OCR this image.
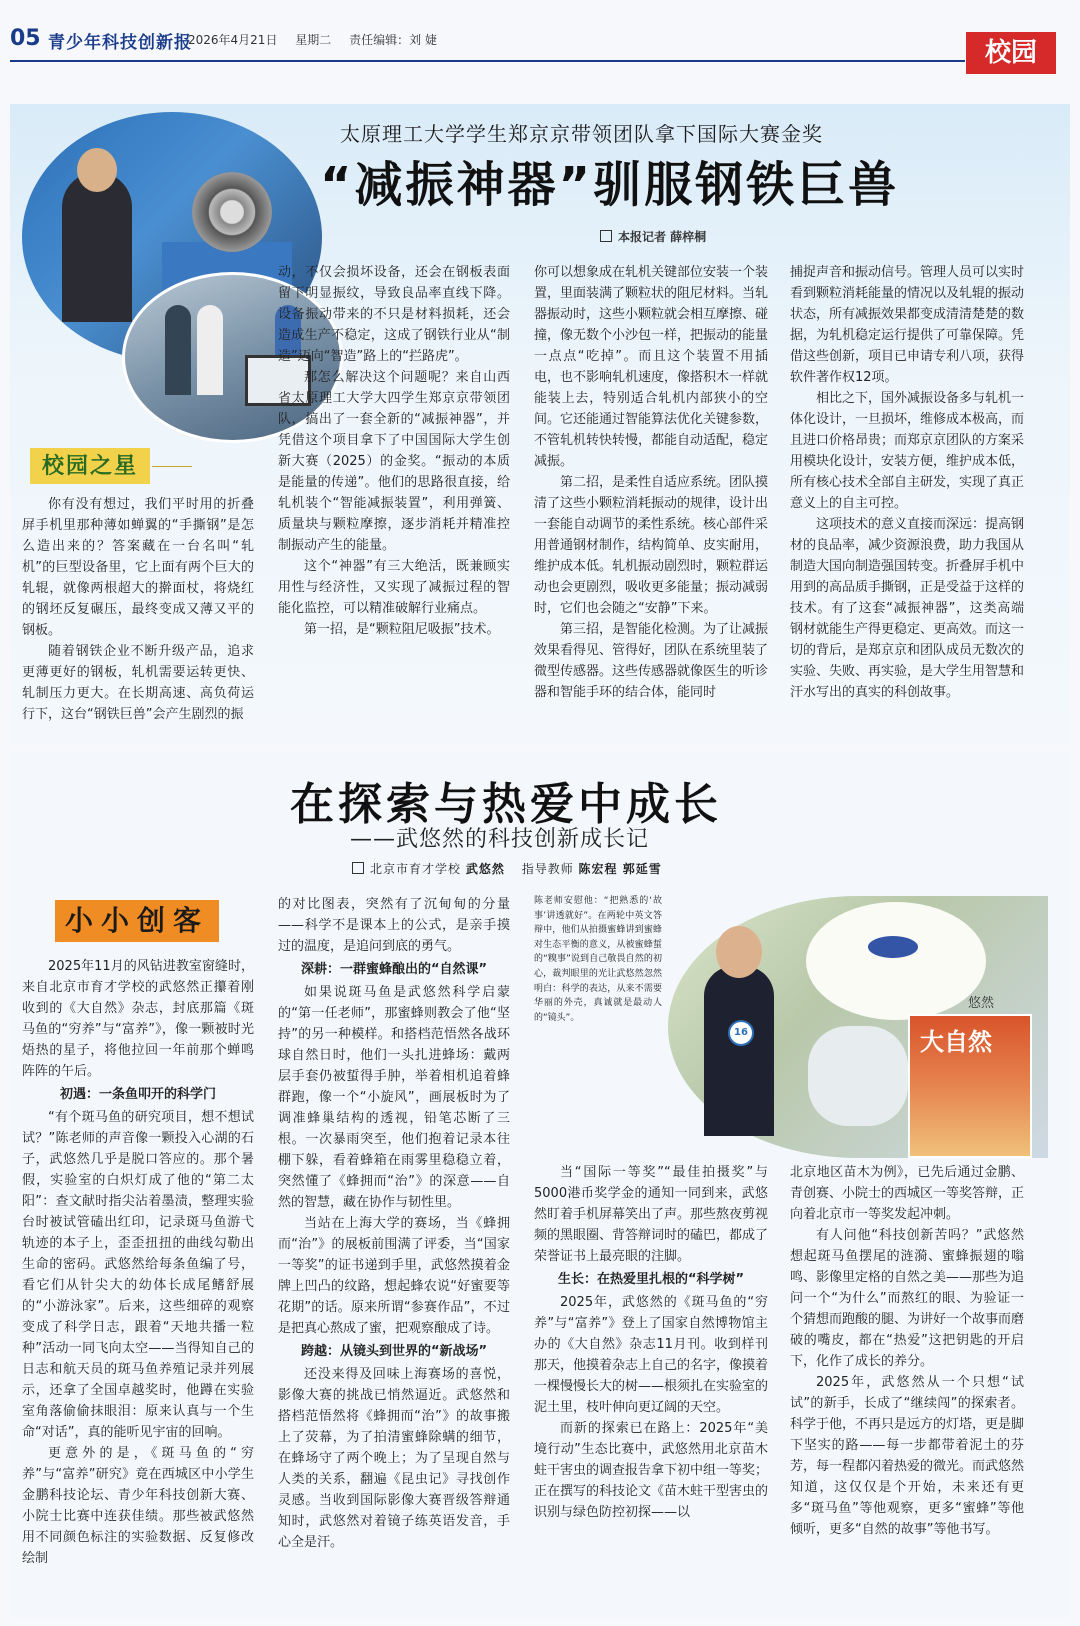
05 青少年科技创新报
2026年4月21日 星期二 责任编辑：刘 婕	校园
太原理工大学学生郑京京带领团队拿下国际大赛金奖
“减振神器”驯服钢铁巨兽
本报记者 薛梓桐
校园之星

你有没有想过，我们平时用的折叠屏手机里那种薄如蝉翼的“手撕钢”是怎么造出来的？答案藏在一台名叫“轧机”的巨型设备里，它上面有两个巨大的轧辊，就像两根超大的擀面杖，将烧红的钢坯反复碾压，最终变成又薄又平的钢板。

随着钢铁企业不断升级产品，追求更薄更好的钢板，轧机需要运转更快、轧制压力更大。在长期高速、高负荷运行下，这台“钢铁巨兽”会产生剧烈的振

动，不仅会损坏设备，还会在钢板表面留下明显振纹，导致良品率直线下降。设备振动带来的不只是材料损耗，还会造成生产不稳定，这成了钢铁行业从“制造”迈向“智造”路上的“拦路虎”。

那怎么解决这个问题呢？来自山西省太原理工大学大四学生郑京京带领团队，搞出了一套全新的“减振神器”，并凭借这个项目拿下了中国国际大学生创新大赛（2025）的金奖。“振动的本质是能量的传递”。他们的思路很直接，给轧机装个“智能减振装置”，利用弹簧、质量块与颗粒摩擦，逐步消耗并精准控制振动产生的能量。

这个“神器”有三大绝活，既兼顾实用性与经济性，又实现了减振过程的智能化监控，可以精准破解行业痛点。

第一招，是“颗粒阻尼吸振”技术。

你可以想象成在轧机关键部位安装一个装置，里面装满了颗粒状的阻尼材料。当轧器振动时，这些小颗粒就会相互摩擦、碰撞，像无数个小沙包一样，把振动的能量一点点“吃掉”。而且这个装置不用插电，也不影响轧机速度，像搭积木一样就能装上去，特别适合轧机内部狭小的空间。它还能通过智能算法优化关键参数，不管轧机转快转慢，都能自动适配，稳定减振。

第二招，是柔性自适应系统。团队摸清了这些小颗粒消耗振动的规律，设计出一套能自动调节的柔性系统。核心部件采用普通钢材制作，结构简单、皮实耐用，维护成本低。轧机振动剧烈时，颗粒群运动也会更剧烈，吸收更多能量；振动减弱时，它们也会随之“安静”下来。

第三招，是智能化检测。为了让减振效果看得见、管得好，团队在系统里装了微型传感器。这些传感器就像医生的听诊器和智能手环的结合体，能同时

捕捉声音和振动信号。管理人员可以实时看到颗粒消耗能量的情况以及轧辊的振动状态，所有减振效果都变成清清楚楚的数据，为轧机稳定运行提供了可靠保障。凭借这些创新，项目已申请专利八项，获得软件著作权12项。

相比之下，国外减振设备多与轧机一体化设计，一旦损坏，维修成本极高，而且进口价格昂贵；而郑京京团队的方案采用模块化设计，安装方便，维护成本低，所有核心技术全部自主研发，实现了真正意义上的自主可控。

这项技术的意义直接而深远：提高钢材的良品率，减少资源浪费，助力我国从制造大国向制造强国转变。折叠屏手机中用到的高品质手撕钢，正是受益于这样的技术。有了这套“减振神器”，这类高端钢材就能生产得更稳定、更高效。而这一切的背后，是郑京京和团队成员无数次的实验、失败、再实验，是大学生用智慧和汗水写出的真实的科创故事。

在探索与热爱中成长
——武悠然的科技创新成长记
北京市育才学校 武悠然 指导教师 陈宏程 郭延雪
小小创客
悠然
16	大自然

2025年11月的风钻进教室窗缝时，来自北京市育才学校的武悠然正攥着刚收到的《大自然》杂志，封底那篇《斑马鱼的“穷养”与“富养”》，像一颗被时光焐热的星子，将他拉回一年前那个蝉鸣阵阵的午后。

初遇：一条鱼叩开的科学门

“有个斑马鱼的研究项目，想不想试试？”陈老师的声音像一颗投入心湖的石子，武悠然几乎是脱口答应的。那个暑假，实验室的白炽灯成了他的“第二太阳”：查文献时指尖沾着墨渍，整理实验台时被试管磕出红印，记录斑马鱼游弋轨迹的本子上，歪歪扭扭的曲线勾勒出生命的密码。武悠然给每条鱼编了号，看它们从针尖大的幼体长成尾鳍舒展的“小游泳家”。后来，这些细碎的观察变成了科学日志，跟着“天地共播一粒种”活动一同飞向太空——当得知自己的日志和航天员的斑马鱼养殖记录并列展示，还拿了全国卓越奖时，他蹲在实验室角落偷偷抹眼泪：原来认真与一个生命“对话”，真的能听见宇宙的回响。

更意外的是，《斑马鱼的“穷养”与“富养”研究》竟在西城区中小学生金鹏科技论坛、青少年科技创新大赛、小院士比赛中连获佳绩。那些被武悠然用不同颜色标注的实验数据、反复修改绘制

的对比图表，突然有了沉甸甸的分量——科学不是课本上的公式，是亲手摸过的温度，是追问到底的勇气。

深耕：一群蜜蜂酿出的“自然课”

如果说斑马鱼是武悠然科学启蒙的“第一任老师”，那蜜蜂则教会了他“坚持”的另一种模样。和搭档范悟然各战环球自然日时，他们一头扎进蜂场：戴两层手套仍被蜇得手肿，举着相机追着蜂群跑，像一个“小旋风”，画展板时为了调准蜂巢结构的透视，铅笔芯断了三根。一次暴雨突至，他们抱着记录本往棚下躲，看着蜂箱在雨雾里稳稳立着，突然懂了《蜂拥而“治”》的深意——自然的智慧，藏在协作与韧性里。

当站在上海大学的赛场，当《蜂拥而“治”》的展板前围满了评委，当“国家一等奖”的证书递到手里，武悠然摸着金牌上凹凸的纹路，想起蜂农说“好蜜要等花期”的话。原来所谓“参赛作品”，不过是把真心熬成了蜜，把观察酿成了诗。

跨越：从镜头到世界的“新战场”

还没来得及回味上海赛场的喜悦，影像大赛的挑战已悄然逼近。武悠然和搭档范悟然将《蜂拥而“治”》的故事搬上了荧幕，为了拍清蜜蜂除螨的细节，在蜂场守了两个晚上；为了呈现自然与人类的关系，翻遍《昆虫记》寻找创作灵感。当收到国际影像大赛晋级答辩通知时，武悠然对着镜子练英语发音，手心全是汗。

陈老师安慰他：“把熟悉的‘故事’讲透就好”。在两轮中英文答辩中，他们从拍摄蜜蜂讲到蜜蜂对生态平衡的意义，从被蜜蜂蜇的“糗事”说到自己敬畏自然的初心，裁判眼里的光让武悠然忽然明白：科学的表达，从来不需要华丽的外壳，真诚就是最动人的“镜头”。

北京地区苗木为例》，已先后通过金鹏、青创赛、小院士的西城区一等奖答辩，正向着北京市一等奖发起冲刺。

有人问他“科技创新苦吗？”武悠然想起斑马鱼摆尾的涟漪、蜜蜂振翅的嗡鸣、影像里定格的自然之美——那些为追问一个“为什么”而熬红的眼、为验证一个猜想而跑酸的腿、为讲好一个故事而磨破的嘴皮，都在“热爱”这把钥匙的开启下，化作了成长的养分。

2025年，武悠然从一个只想“试试”的新手，长成了“继续闯”的探索者。科学于他，不再只是远方的灯塔，更是脚下坚实的路——每一步都带着泥土的芬芳，每一程都闪着热爱的微光。而武悠然知道，这仅仅是个开始，未来还有更多“斑马鱼”等他观察，更多“蜜蜂”等他倾听，更多“自然的故事”等他书写。

当“国际一等奖”“最佳拍摄奖”与5000港币奖学金的通知一同到来，武悠然盯着手机屏幕笑出了声。那些熬夜剪视频的黑眼圈、背答辩词时的磕巴，都成了荣誉证书上最亮眼的注脚。

生长：在热爱里扎根的“科学树”

2025年，武悠然的《斑马鱼的“穷养”与“富养”》登上了国家自然博物馆主办的《大自然》杂志11月刊。收到样刊那天，他摸着杂志上自己的名字，像摸着一棵慢慢长大的树——根须扎在实验室的泥土里，枝叶伸向更辽阔的天空。

而新的探索已在路上：2025年“美境行动”生态比赛中，武悠然用北京苗木蛀干害虫的调查报告拿下初中组一等奖；正在撰写的科技论文《苗木蛀干型害虫的识别与绿色防控初探——以
